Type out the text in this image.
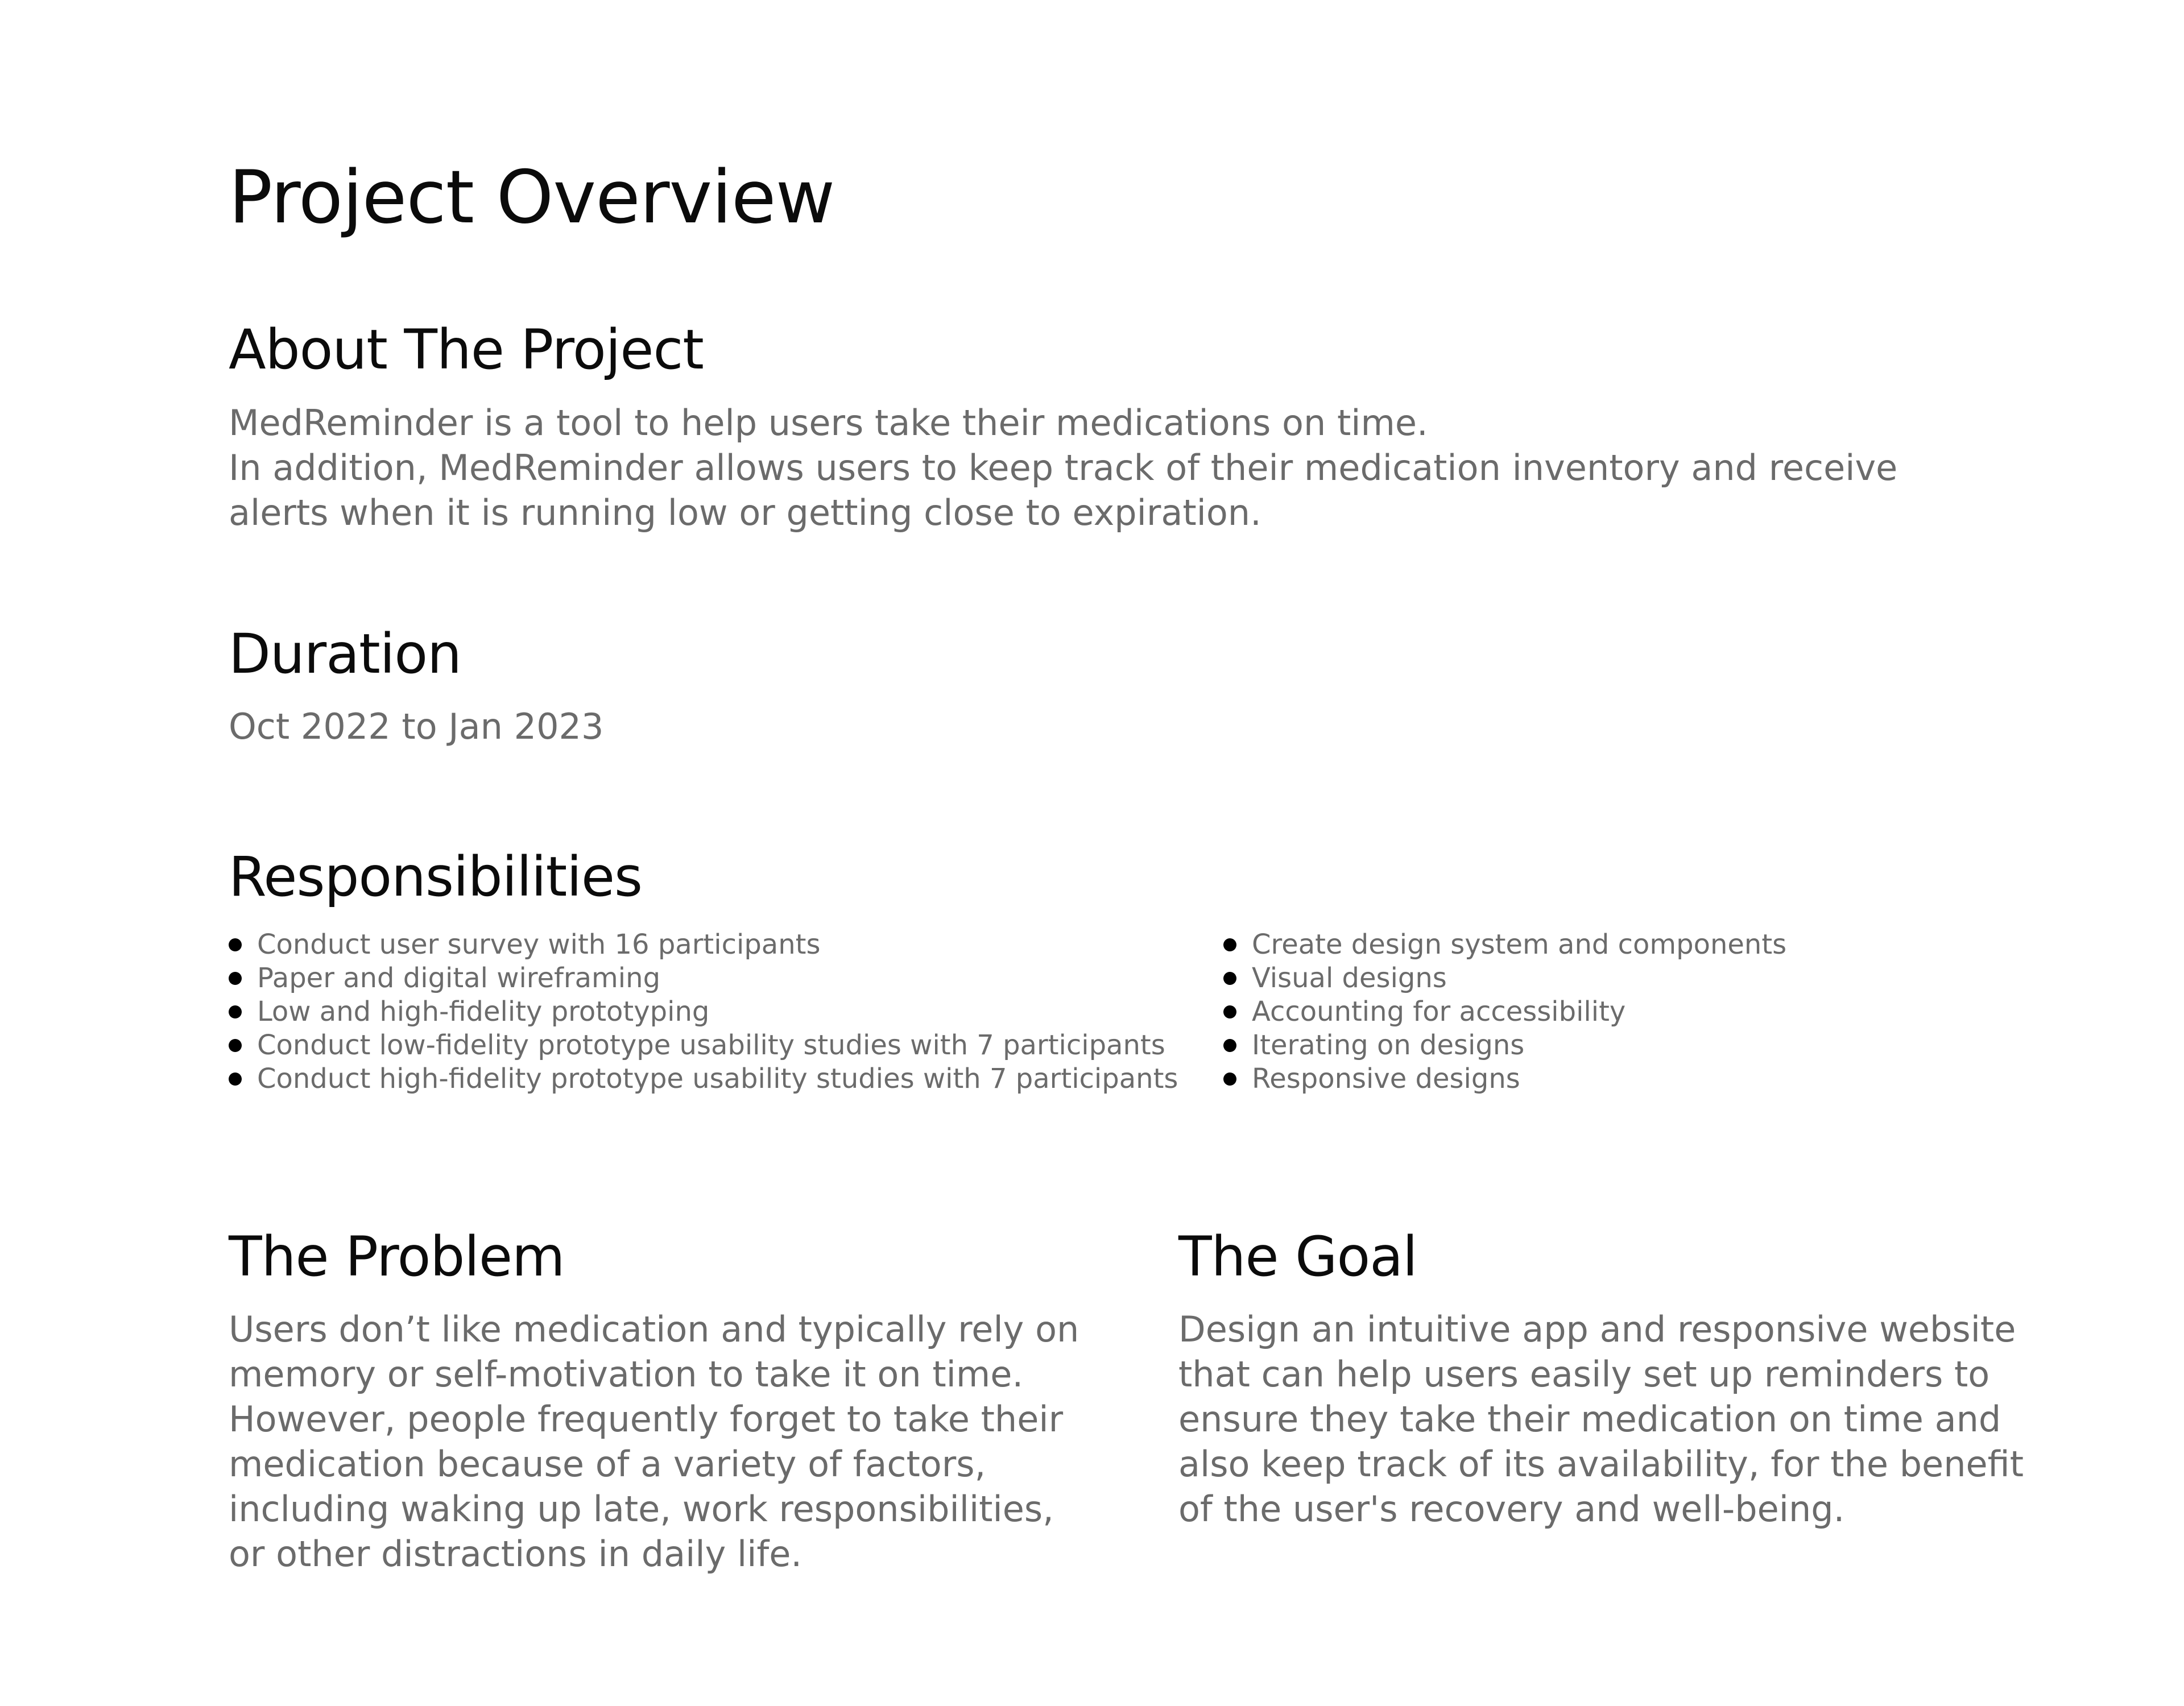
Project Overview
About The Project

MedReminder is a tool to help users take their medications on time.

In addition, MedReminder allows users to keep track of their medication inventory and receive alerts when it is running low or getting close to expiration.

Duration
Oct 2022 to Jan 2023
Responsibilities
Conduct user survey with 16 participants
Paper and digital wireframing
Low and high-fidelity prototyping
Conduct low-fidelity prototype usability studies with 7 participants
Conduct high-fidelity prototype usability studies with 7 participants
Create design system and components
Visual designs
Accounting for accessibility
Iterating on designs
Responsive designs
The Problem
Users don’t like medication and typically rely on memory or self-motivation to take it on time. However, people frequently forget to take their medication because of a variety of factors, including waking up late, work responsibilities, or other distractions in daily life.
The Goal
Design an intuitive app and responsive website that can help users easily set up reminders to ensure they take their medication on time and also keep track of its availability, for the benefit of the user's recovery and well-being.
